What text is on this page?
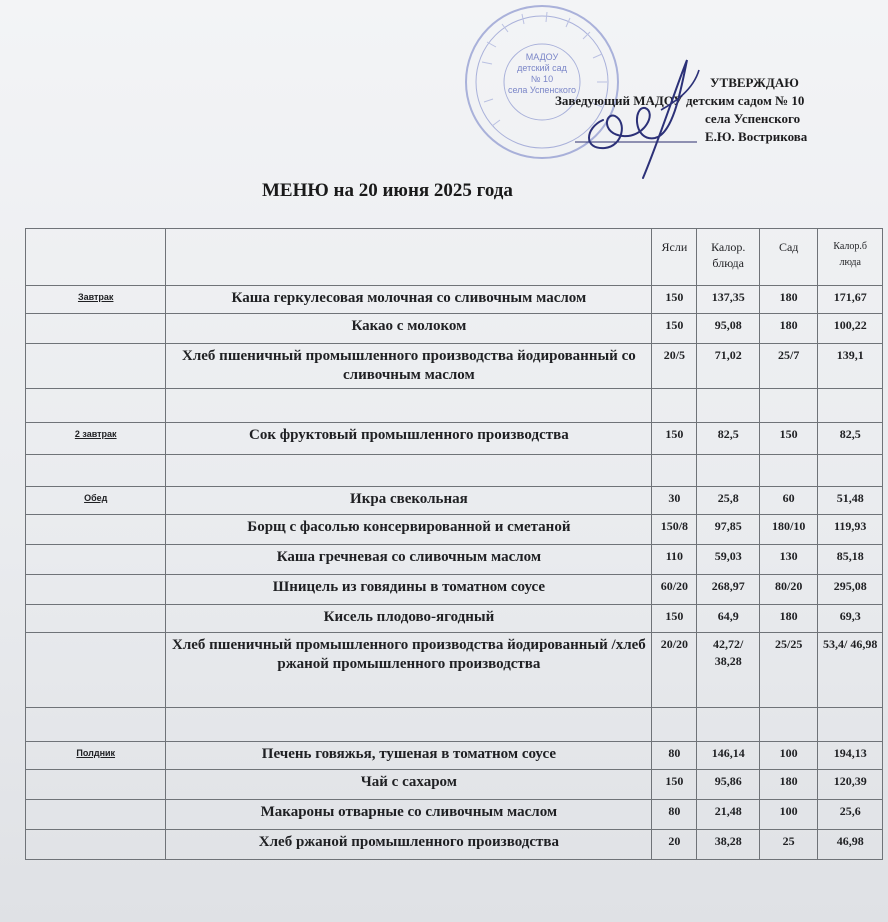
МАДОУ
детский сад
№ 10
села Успенского	УТВЕРЖДАЮ
Заведующий МАДОУ детским садом № 10
села Успенского
Е.Ю. Вострикова
МЕНЮ на 20 июня 2025 года
		Ясли	Калор. блюда	Сад	Калор.б люда
Завтрак	Каша геркулесовая молочная со сливочным маслом	150	137,35	180	171,67
	Какао с молоком	150	95,08	180	100,22
	Хлеб пшеничный промышленного производства йодированный со сливочным маслом	20/5	71,02	25/7	139,1

2 завтрак	Сок фруктовый промышленного производства	150	82,5	150	82,5

Обед	Икра свекольная	30	25,8	60	51,48
	Борщ с фасолью консервированной и сметаной	150/8	97,85	180/10	119,93
	Каша гречневая со сливочным маслом	110	59,03	130	85,18
	Шницель из говядины в томатном соусе	60/20	268,97	80/20	295,08
	Кисель плодово-ягодный	150	64,9	180	69,3
	Хлеб пшеничный промышленного производства йодированный /хлеб ржаной промышленного производства	20/20	42,72/ 38,28	25/25	53,4/ 46,98

Полдник	Печень говяжья, тушеная в томатном соусе	80	146,14	100	194,13
	Чай с сахаром	150	95,86	180	120,39
	Макароны отварные со сливочным маслом	80	21,48	100	25,6
	Хлеб ржаной промышленного производства	20	38,28	25	46,98
